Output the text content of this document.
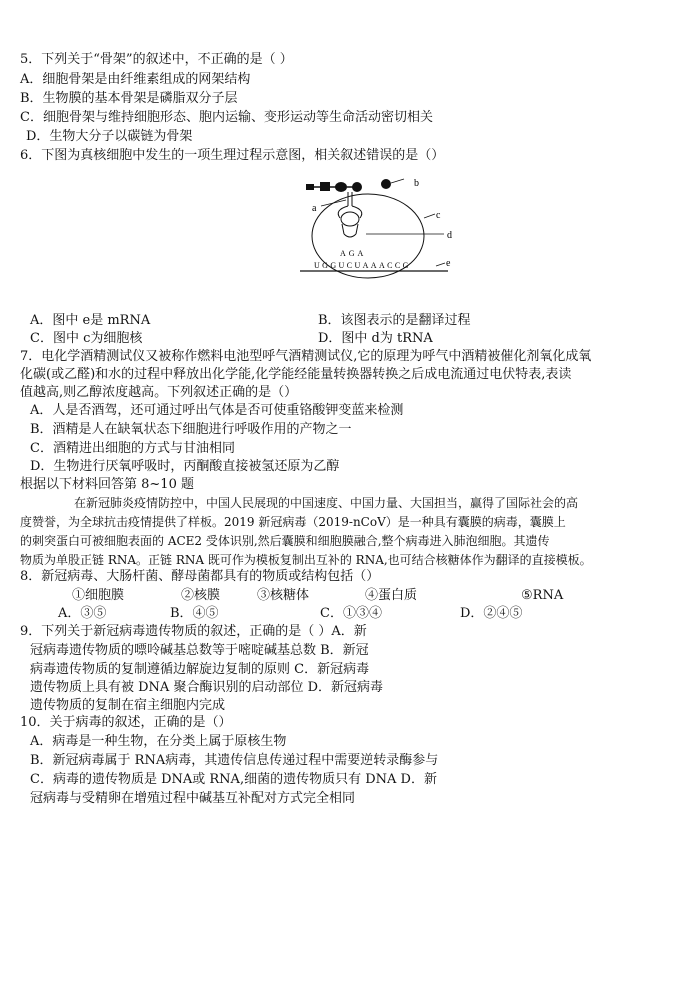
5．下列关于“骨架”的叙述中，不正确的是（ ）
A．细胞骨架是由纤维素组成的网架结构
B．生物膜的基本骨架是磷脂双分子层
C．细胞骨架与维持细胞形态、胞内运输、变形运动等生命活动密切相关
D．生物大分子以碳链为骨架
6．下图为真核细胞中发生的一项生理过程示意图，相关叙述错误的是（）
AGA
UGGUCUAAACCG
a
b
c
d
e
A．图中 e是 mRNA	B．该图表示的是翻译过程
C．图中 c为细胞核	D．图中 d为 tRNA
7．电化学酒精测试仪又被称作燃料电池型呼气酒精测试仪,它的原理为呼气中酒精被催化剂氧化成氧
化碳(或乙醛)和水的过程中释放出化学能,化学能经能量转换器转换之后成电流通过电伏特表,表读
值越高,则乙醇浓度越高。下列叙述正确的是（）
A．人是否酒驾，还可通过呼出气体是否可使重铬酸钾变蓝来检测
B．酒精是人在缺氧状态下细胞进行呼吸作用的产物之一
C．酒精进出细胞的方式与甘油相同
D．生物进行厌氧呼吸时，丙酮酸直接被氢还原为乙醇
根据以下材料回答第 8~10 题
在新冠肺炎疫情防控中，中国人民展现的中国速度、中国力量、大国担当，赢得了国际社会的高
度赞誉，为全球抗击疫情提供了样板。2019 新冠病毒（2019-nCoV）是一种具有囊膜的病毒，囊膜上
的刺突蛋白可被细胞表面的 ACE2 受体识别,然后囊膜和细胞膜融合,整个病毒进入肺泡细胞。其遗传
物质为单股正链 RNA。正链 RNA 既可作为模板复制出互补的 RNA,也可结合核糖体作为翻译的直接模板。
8．新冠病毒、大肠杆菌、酵母菌都具有的物质或结构包括（）
①细胞膜	②核膜	③核糖体	④蛋白质	⑤RNA
A．③⑤	B．④⑤	C．①③④	D．②④⑤
9．下列关于新冠病毒遗传物质的叙述，正确的是（ ）A．新
冠病毒遗传物质的嘌呤碱基总数等于嘧啶碱基总数 B．新冠
病毒遗传物质的复制遵循边解旋边复制的原则 C．新冠病毒
遗传物质上具有被 DNA 聚合酶识别的启动部位 D．新冠病毒
遗传物质的复制在宿主细胞内完成
10．关于病毒的叙述，正确的是（）
A．病毒是一种生物，在分类上属于原核生物
B．新冠病毒属于 RNA病毒，其遗传信息传递过程中需要逆转录酶参与
C．病毒的遗传物质是 DNA或 RNA,细菌的遗传物质只有 DNA D．新
冠病毒与受精卵在增殖过程中碱基互补配对方式完全相同
